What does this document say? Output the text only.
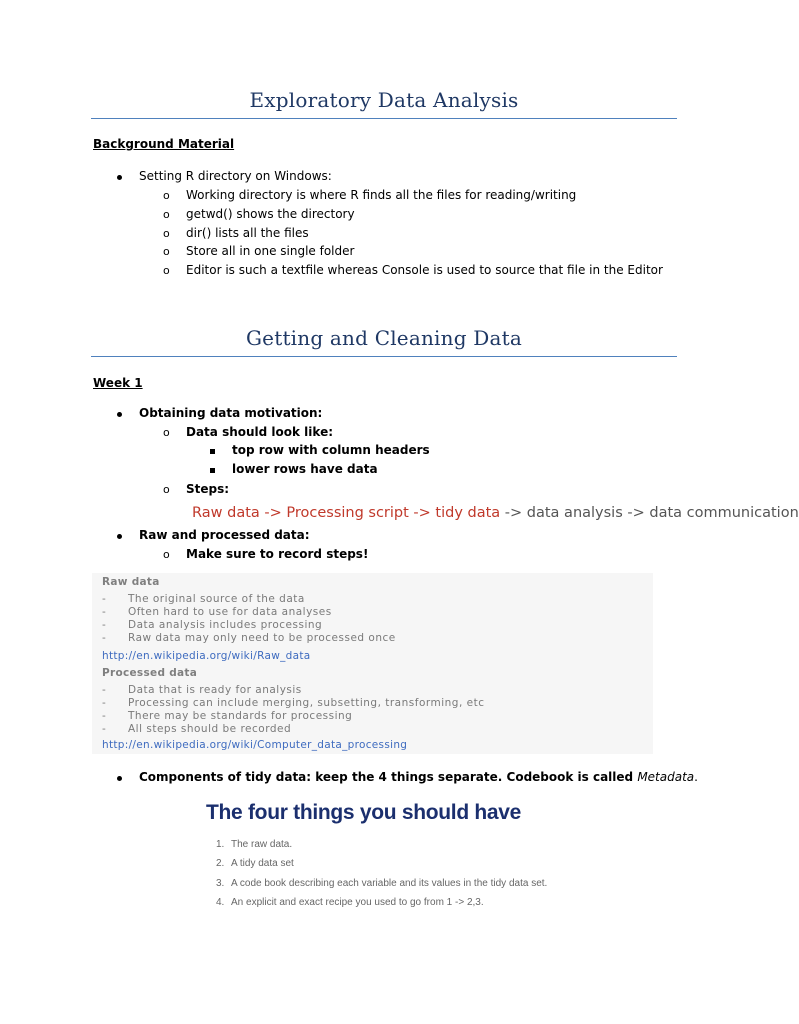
Exploratory Data Analysis
Background Material
Setting R directory on Windows:
o
Working directory is where R finds all the files for reading/writing
o
getwd() shows the directory
o
dir() lists all the files
o
Store all in one single folder
o
Editor is such a textfile whereas Console is used to source that file in the Editor
Getting and Cleaning Data
Week 1
Obtaining data motivation:
o
Data should look like:
top row with column headers
lower rows have data
o
Steps:
Raw data -> Processing script -> tidy data -> data analysis -> data communication
Raw and processed data:
o
Make sure to record steps!
Raw data
- The original source of the data
- Often hard to use for data analyses
- Data analysis includes processing
- Raw data may only need to be processed once
http://en.wikipedia.org/wiki/Raw_data
Processed data
- Data that is ready for analysis
- Processing can include merging, subsetting, transforming, etc
- There may be standards for processing
- All steps should be recorded
http://en.wikipedia.org/wiki/Computer_data_processing
Components of tidy data: keep the 4 things separate. Codebook is called Metadata.
The four things you should have
1. The raw data.
2. A tidy data set
3. A code book describing each variable and its values in the tidy data set.
4. An explicit and exact recipe you used to go from 1 -> 2,3.
